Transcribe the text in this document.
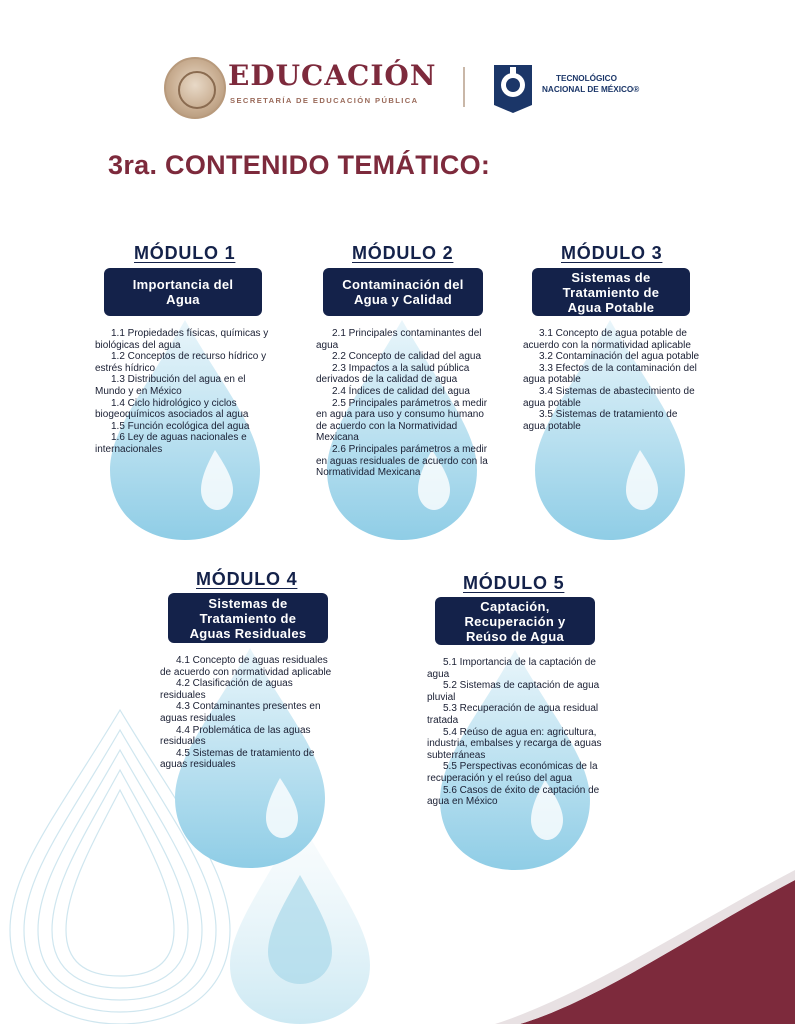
EDUCACIÓN
SECRETARÍA DE EDUCACIÓN PÚBLICA
TECNOLÓGICO
NACIONAL DE MÉXICO®
3ra. CONTENIDO TEMÁTICO:
MÓDULO 1
Importancia del
Agua
1.1 Propiedades físicas, químicas y biológicas del agua
1.2 Conceptos de recurso hídrico y estrés hídrico
1.3 Distribución del agua en el Mundo y en México
1.4 Ciclo hidrológico y ciclos biogeoquímicos asociados al agua
1.5 Función ecológica del agua
1.6 Ley de aguas nacionales e internacionales
MÓDULO 2
Contaminación del
Agua y Calidad
2.1 Principales contaminantes del agua
2.2 Concepto de calidad del agua
2.3 Impactos a la salud pública derivados de la calidad de agua
2.4 Índices de calidad del agua
2.5 Principales parámetros a medir en agua para uso y consumo humano de acuerdo con la Normatividad Mexicana
2.6 Principales parámetros a medir en aguas residuales de acuerdo con la Normatividad Mexicana
MÓDULO 3
Sistemas de
Tratamiento de
Agua Potable
3.1 Concepto de agua potable de acuerdo con la normatividad aplicable
3.2 Contaminación del agua potable
3.3 Efectos de la contaminación del agua potable
3.4 Sistemas de abastecimiento de agua potable
3.5 Sistemas de tratamiento de agua potable
MÓDULO 4
Sistemas de
Tratamiento de
Aguas Residuales
4.1 Concepto de aguas residuales de acuerdo con normatividad aplicable
4.2 Clasificación de aguas residuales
4.3 Contaminantes presentes en aguas residuales
4.4 Problemática de las aguas residuales
4.5 Sistemas de tratamiento de aguas residuales
MÓDULO 5
Captación,
Recuperación y
Reúso de Agua
5.1 Importancia de la captación de agua
5.2 Sistemas de captación de agua pluvial
5.3 Recuperación de agua residual tratada
5.4 Reúso de agua en: agricultura, industria, embalses y recarga de aguas subterráneas
5.5 Perspectivas económicas de la recuperación y el reúso del agua
5.6 Casos de éxito de captación de agua en México
